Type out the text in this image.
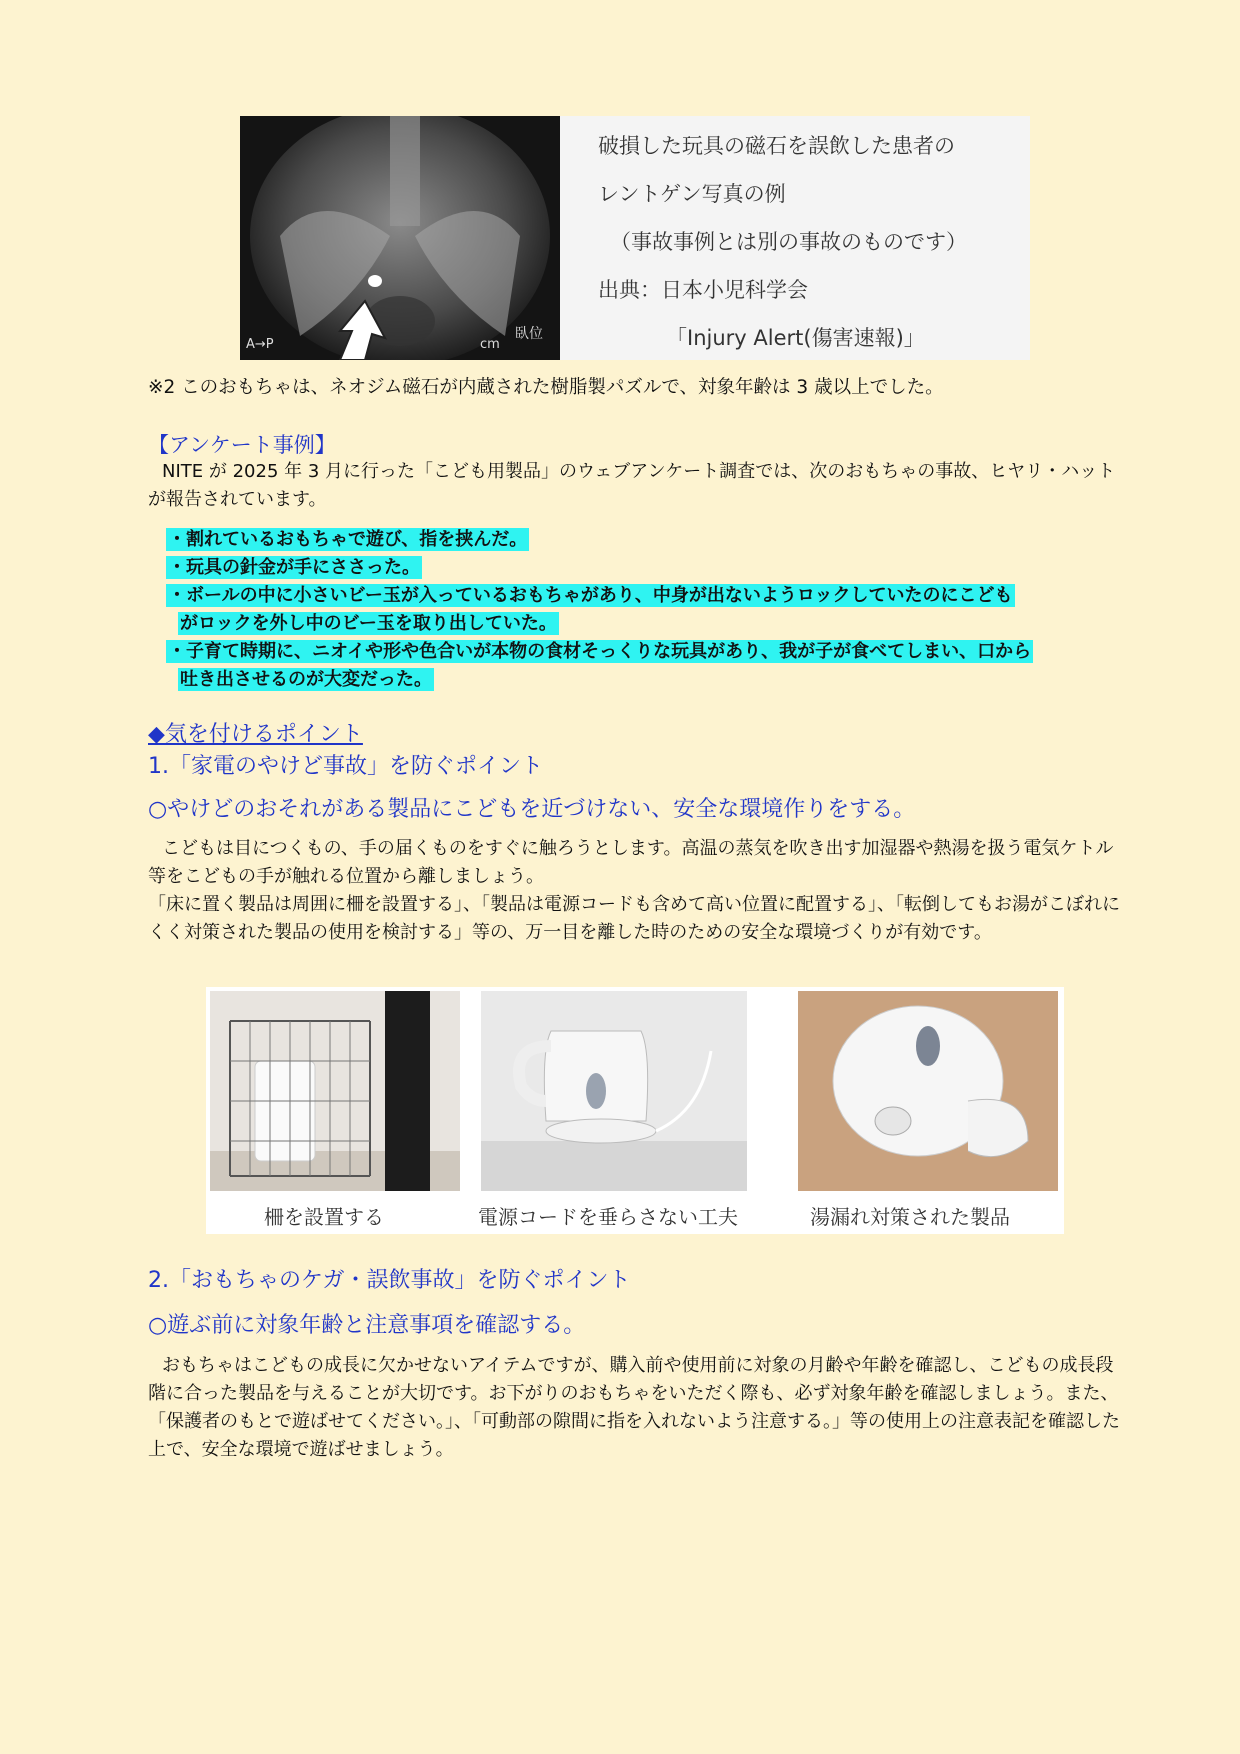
A→P	cm
臥位
破損した玩具の磁石を誤飲した患者の
レントゲン写真の例
（事故事例とは別の事故のものです）
出典：日本小児科学会
「Injury Alert(傷害速報)」
※2 このおもちゃは、ネオジム磁石が内蔵された樹脂製パズルで、対象年齢は 3 歳以上でした。
【アンケート事例】
NITE が 2025 年 3 月に行った「こども用製品」のウェブアンケート調査では、次のおもちゃの事故、ヒヤリ・ハットが報告されています。
・割れているおもちゃで遊び、指を挟んだ。
・玩具の針金が手にささった。
・ボールの中に小さいビー玉が入っているおもちゃがあり、中身が出ないようロックしていたのにこども
がロックを外し中のビー玉を取り出していた。
・子育て時期に、ニオイや形や色合いが本物の食材そっくりな玩具があり、我が子が食べてしまい、口から
吐き出させるのが大変だった。
◆気を付けるポイント
1.「家電のやけど事故」を防ぐポイント
○やけどのおそれがある製品にこどもを近づけない、安全な環境作りをする。
こどもは目につくもの、手の届くものをすぐに触ろうとします。高温の蒸気を吹き出す加湿器や熱湯を扱う電気ケトル等をこどもの手が触れる位置から離しましょう。
「床に置く製品は周囲に柵を設置する」、「製品は電源コードも含めて高い位置に配置する」、「転倒してもお湯がこぼれにくく対策された製品の使用を検討する」等の、万一目を離した時のための安全な環境づくりが有効です。
柵を設置する	電源コードを垂らさない工夫	湯漏れ対策された製品
2.「おもちゃのケガ・誤飲事故」を防ぐポイント
○遊ぶ前に対象年齢と注意事項を確認する。
おもちゃはこどもの成長に欠かせないアイテムですが、購入前や使用前に対象の月齢や年齢を確認し、こどもの成長段階に合った製品を与えることが大切です。お下がりのおもちゃをいただく際も、必ず対象年齢を確認しましょう。また、「保護者のもとで遊ばせてください。」、「可動部の隙間に指を入れないよう注意する。」等の使用上の注意表記を確認した上で、安全な環境で遊ばせましょう。
